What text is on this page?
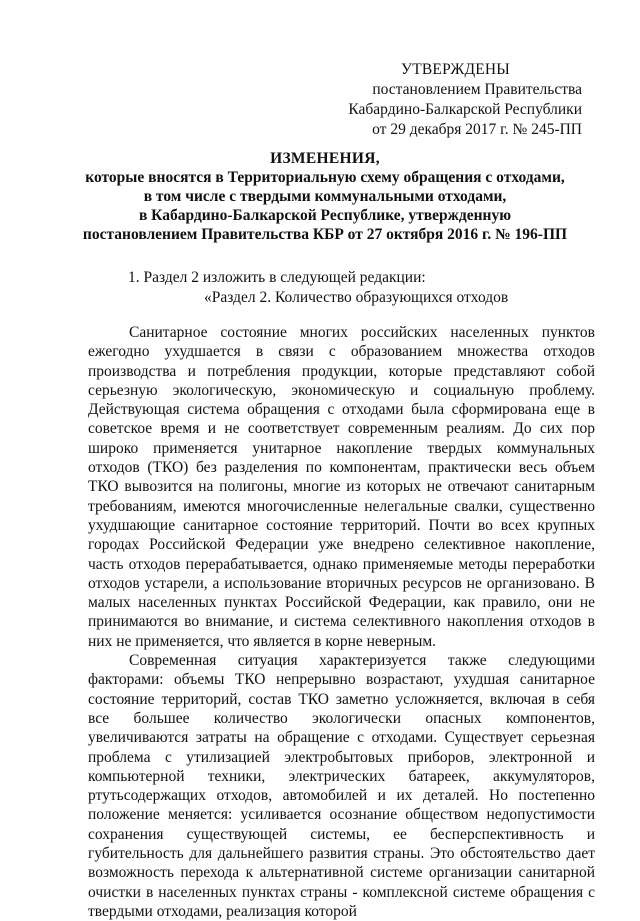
УТВЕРЖДЕНЫ
постановлением Правительства
Кабардино-Балкарской Республики
от 29 декабря 2017 г. № 245-ПП
ИЗМЕНЕНИЯ,
которые вносятся в Территориальную схему обращения с отходами,
в том числе с твердыми коммунальными отходами,
в Кабардино-Балкарской Республике, утвержденную
постановлением Правительства КБР от 27 октября 2016 г. № 196-ПП
1. Раздел 2 изложить в следующей редакции:
«Раздел 2. Количество образующихся отходов

Санитарное состояние многих российских населенных пунктов ежегодно ухудшается в связи с образованием множества отходов производства и потребления продукции, которые представляют собой серьезную экологическую, экономическую и социальную проблему. Действующая система обращения с отходами была сформирована еще в советское время и не соответствует современным реалиям. До сих пор широко применяется унитарное накопление твердых коммунальных отходов (ТКО) без разделения по компонентам, практически весь объем ТКО вывозится на полигоны, многие из которых не отвечают санитарным требованиям, имеются многочисленные нелегальные свалки, существенно ухудшающие санитарное состояние территорий. Почти во всех крупных городах Российской Федерации уже внедрено селективное накопление, часть отходов перерабатывается, однако применяемые методы переработки отходов устарели, а использование вторичных ресурсов не организовано. В малых населенных пунктах Российской Федерации, как правило, они не принимаются во внимание, и система селективного накопления отходов в них не применяется, что является в корне неверным.

Современная ситуация характеризуется также следующими факторами: объемы ТКО непрерывно возрастают, ухудшая санитарное состояние территорий, состав ТКО заметно усложняется, включая в себя все большее количество экологически опасных компонентов, увеличиваются затраты на обращение с отходами. Существует серьезная проблема с утилизацией электробытовых приборов, электронной и компьютерной техники, электрических батареек, аккумуляторов, ртутьсодержащих отходов, автомобилей и их деталей. Но постепенно положение меняется: усиливается осознание обществом недопустимости сохранения существующей системы, ее бесперспективность и губительность для дальнейшего развития страны. Это обстоятельство дает возможность перехода к альтернативной системе организации санитарной очистки в населенных пунктах страны - комплексной системе обращения с твердыми отходами, реализация которой
